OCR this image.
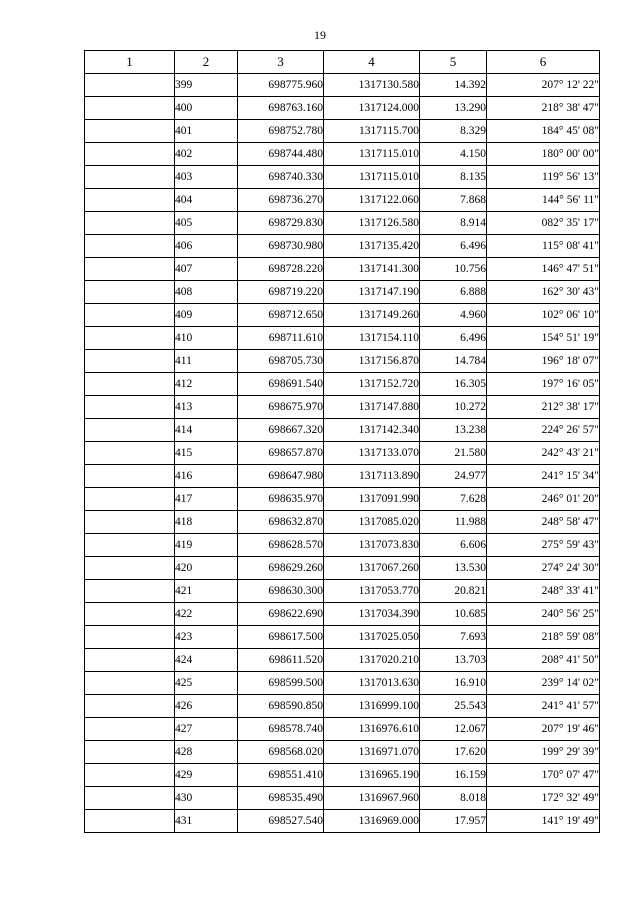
19
1	2	3	4	5	6
	399	698775.960	1317130.580	14.392	207° 12' 22"
	400	698763.160	1317124.000	13.290	218° 38' 47"
	401	698752.780	1317115.700	8.329	184° 45' 08"
	402	698744.480	1317115.010	4.150	180° 00' 00"
	403	698740.330	1317115.010	8.135	119° 56' 13"
	404	698736.270	1317122.060	7.868	144° 56' 11"
	405	698729.830	1317126.580	8.914	082° 35' 17"
	406	698730.980	1317135.420	6.496	115° 08' 41"
	407	698728.220	1317141.300	10.756	146° 47' 51"
	408	698719.220	1317147.190	6.888	162° 30' 43"
	409	698712.650	1317149.260	4.960	102° 06' 10"
	410	698711.610	1317154.110	6.496	154° 51' 19"
	411	698705.730	1317156.870	14.784	196° 18' 07"
	412	698691.540	1317152.720	16.305	197° 16' 05"
	413	698675.970	1317147.880	10.272	212° 38' 17"
	414	698667.320	1317142.340	13.238	224° 26' 57"
	415	698657.870	1317133.070	21.580	242° 43' 21"
	416	698647.980	1317113.890	24.977	241° 15' 34"
	417	698635.970	1317091.990	7.628	246° 01' 20"
	418	698632.870	1317085.020	11.988	248° 58' 47"
	419	698628.570	1317073.830	6.606	275° 59' 43"
	420	698629.260	1317067.260	13.530	274° 24' 30"
	421	698630.300	1317053.770	20.821	248° 33' 41"
	422	698622.690	1317034.390	10.685	240° 56' 25"
	423	698617.500	1317025.050	7.693	218° 59' 08"
	424	698611.520	1317020.210	13.703	208° 41' 50"
	425	698599.500	1317013.630	16.910	239° 14' 02"
	426	698590.850	1316999.100	25.543	241° 41' 57"
	427	698578.740	1316976.610	12.067	207° 19' 46"
	428	698568.020	1316971.070	17.620	199° 29' 39"
	429	698551.410	1316965.190	16.159	170° 07' 47"
	430	698535.490	1316967.960	8.018	172° 32' 49"
	431	698527.540	1316969.000	17.957	141° 19' 49"
